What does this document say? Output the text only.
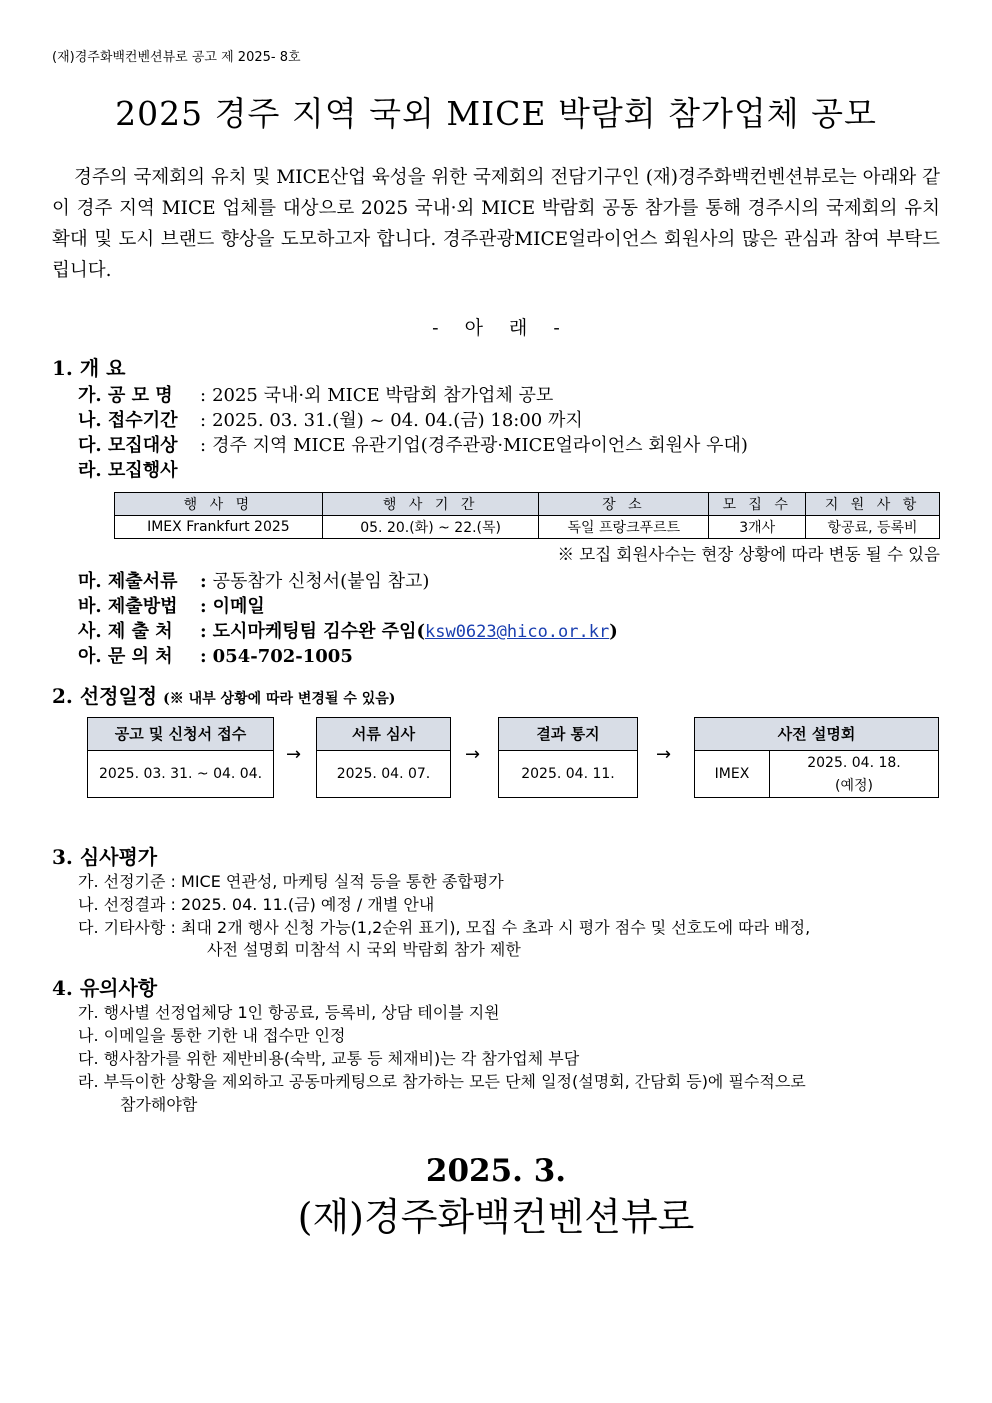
(재)경주화백컨벤션뷰로 공고 제 2025- 8호
2025 경주 지역 국외 MICE 박람회 참가업체 공모
경주의 국제회의 유치 및 MICE산업 육성을 위한 국제회의 전담기구인 (재)경주화백컨벤션뷰로는 아래와 같이 경주 지역 MICE 업체를 대상으로 2025 국내·외 MICE 박람회 공동 참가를 통해 경주시의 국제회의 유치 확대 및 도시 브랜드 향상을 도모하고자 합니다. 경주관광MICE얼라이언스 회원사의 많은 관심과 참여 부탁드립니다.
- 아 래 -
1. 개 요
가. 공 모 명 : 2025 국내·외 MICE 박람회 참가업체 공모
나. 접수기간 : 2025. 03. 31.(월) ~ 04. 04.(금) 18:00 까지
다. 모집대상 : 경주 지역 MICE 유관기업(경주관광·MICE얼라이언스 회원사 우대)
라. 모집행사
행 사 명	행 사 기 간	장 소	모 집 수	지 원 사 항
IMEX Frankfurt 2025	05. 20.(화) ~ 22.(목)	독일 프랑크푸르트	3개사	항공료, 등록비
※ 모집 회원사수는 현장 상황에 따라 변동 될 수 있음
마. 제출서류 : 공동참가 신청서(붙임 참고)
바. 제출방법 : 이메일
사. 제 출 처 : 도시마케팅팀 김수완 주임(ksw0623@hico.or.kr)
아. 문 의 처 : 054-702-1005
2. 선정일정 (※ 내부 상황에 따라 변경될 수 있음)
공고 및 신청서 접수
2025. 03. 31. ~ 04. 04.
→
서류 심사
2025. 04. 07.
→
결과 통지
2025. 04. 11.
→
사전 설명회
IMEX
2025. 04. 18.
(예정)
3. 심사평가
가. 선정기준 : MICE 연관성, 마케팅 실적 등을 통한 종합평가
나. 선정결과 : 2025. 04. 11.(금) 예정 / 개별 안내
다. 기타사항 : 최대 2개 행사 신청 가능(1,2순위 표기), 모집 수 초과 시 평가 점수 및 선호도에 따라 배정,
사전 설명회 미참석 시 국외 박람회 참가 제한
4. 유의사항
가. 행사별 선정업체당 1인 항공료, 등록비, 상담 테이블 지원
나. 이메일을 통한 기한 내 접수만 인정
다. 행사참가를 위한 제반비용(숙박, 교통 등 체재비)는 각 참가업체 부담
라. 부득이한 상황을 제외하고 공동마케팅으로 참가하는 모든 단체 일정(설명회, 간담회 등)에 필수적으로
참가해야함
2025. 3.
(재)경주화백컨벤션뷰로
